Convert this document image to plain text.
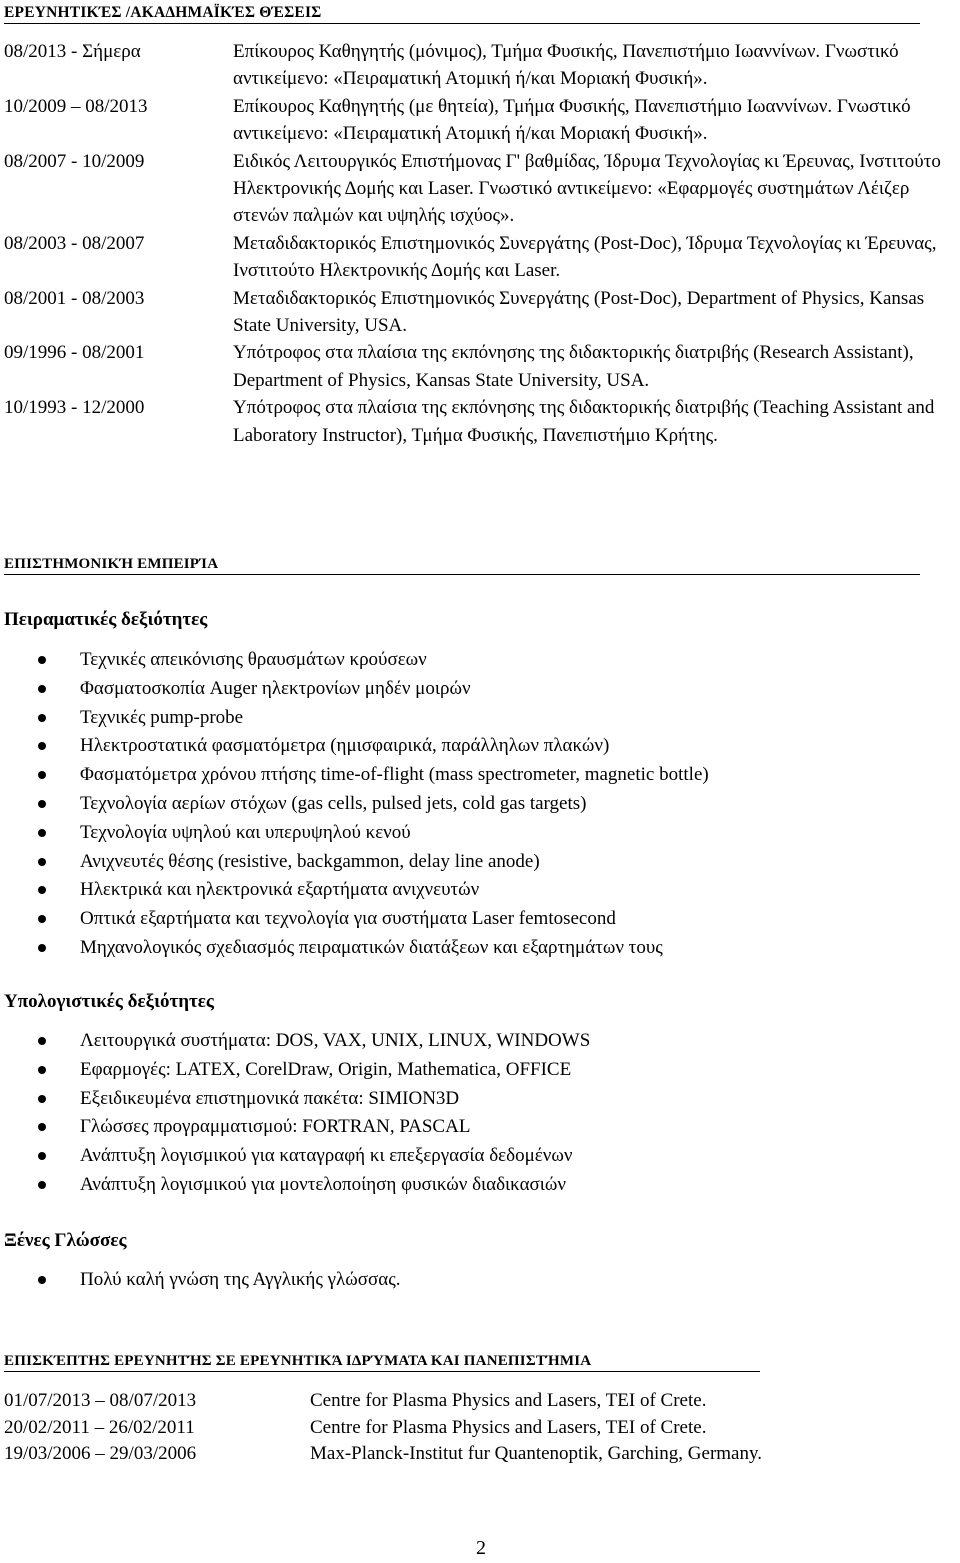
ΕΡΕΥΝΗΤΙΚΈΣ /ΑΚΑΔΗΜΑΪΚΈΣ ΘΈΣΕΙΣ
08/2013 - Σήμερα	Επίκουρος Καθηγητής (μόνιμος), Τμήμα Φυσικής, Πανεπιστήμιο Ιωαννίνων. Γνωστικό αντικείμενο: «Πειραματική Ατομική ή/και Μοριακή Φυσική».
10/2009 – 08/2013	Επίκουρος Καθηγητής (με θητεία), Τμήμα Φυσικής, Πανεπιστήμιο Ιωαννίνων. Γνωστικό αντικείμενο: «Πειραματική Ατομική ή/και Μοριακή Φυσική».
08/2007 - 10/2009	Ειδικός Λειτουργικός Επιστήμονας Γ' βαθμίδας, Ίδρυμα Τεχνολογίας κι Έρευνας, Ινστιτούτο Ηλεκτρονικής Δομής και Laser. Γνωστικό αντικείμενο: «Εφαρμογές συστημάτων Λέιζερ στενών παλμών και υψηλής ισχύος».
08/2003 - 08/2007	Μεταδιδακτορικός Επιστημονικός Συνεργάτης (Post-Doc), Ίδρυμα Τεχνολογίας κι Έρευνας, Ινστιτούτο Ηλεκτρονικής Δομής και Laser.
08/2001 - 08/2003	Μεταδιδακτορικός Επιστημονικός Συνεργάτης (Post-Doc), Department of Physics, Kansas State University, USA.
09/1996 - 08/2001	Υπότροφος στα πλαίσια της εκπόνησης της διδακτορικής διατριβής (Research Assistant), Department of Physics, Kansas State University, USA.
10/1993 - 12/2000	Υπότροφος στα πλαίσια της εκπόνησης της διδακτορικής διατριβής (Teaching Assistant and Laboratory Instructor), Τμήμα Φυσικής, Πανεπιστήμιο Κρήτης.
ΕΠΙΣΤΗΜΟΝΙΚΉ ΕΜΠΕΙΡΊΑ
Πειραματικές δεξιότητες
Τεχνικές απεικόνισης θραυσμάτων κρούσεων
Φασματοσκοπία Auger ηλεκτρονίων μηδέν μοιρών
Τεχνικές pump-probe
Ηλεκτροστατικά φασματόμετρα (ημισφαιρικά, παράλληλων πλακών)
Φασματόμετρα χρόνου πτήσης time-of-flight (mass spectrometer, magnetic bottle)
Τεχνολογία αερίων στόχων (gas cells, pulsed jets, cold gas targets)
Τεχνολογία υψηλού και υπερυψηλού κενού
Ανιχνευτές θέσης (resistive, backgammon, delay line anode)
Ηλεκτρικά και ηλεκτρονικά εξαρτήματα ανιχνευτών
Οπτικά εξαρτήματα και τεχνολογία για συστήματα Laser femtosecond
Μηχανολογικός σχεδιασμός πειραματικών διατάξεων και εξαρτημάτων τους
Υπολογιστικές δεξιότητες
Λειτουργικά συστήματα: DOS, VAX, UNIX, LINUX, WINDOWS
Εφαρμογές: LATEX, CorelDraw, Origin, Mathematica, OFFICE
Εξειδικευμένα επιστημονικά πακέτα: SIMION3D
Γλώσσες προγραμματισμού: FORTRAN, PASCAL
Ανάπτυξη λογισμικού για καταγραφή κι επεξεργασία δεδομένων
Ανάπτυξη λογισμικού για μοντελοποίηση φυσικών διαδικασιών
Ξένες Γλώσσες
Πολύ καλή γνώση της Αγγλικής γλώσσας.
ΕΠΙΣΚΈΠΤΗΣ ΕΡΕΥΝΗΤΉΣ ΣΕ ΕΡΕΥΝΗΤΙΚΆ ΙΔΡΎΜΑΤΑ ΚΑΙ ΠΑΝΕΠΙΣΤΉΜΙΑ
01/07/2013 – 08/07/2013	Centre for Plasma Physics and Lasers, TEI of Crete.
20/02/2011 – 26/02/2011	Centre for Plasma Physics and Lasers, TEI of Crete.
19/03/2006 – 29/03/2006	Max-Planck-Institut fur Quantenoptik, Garching, Germany.
2
